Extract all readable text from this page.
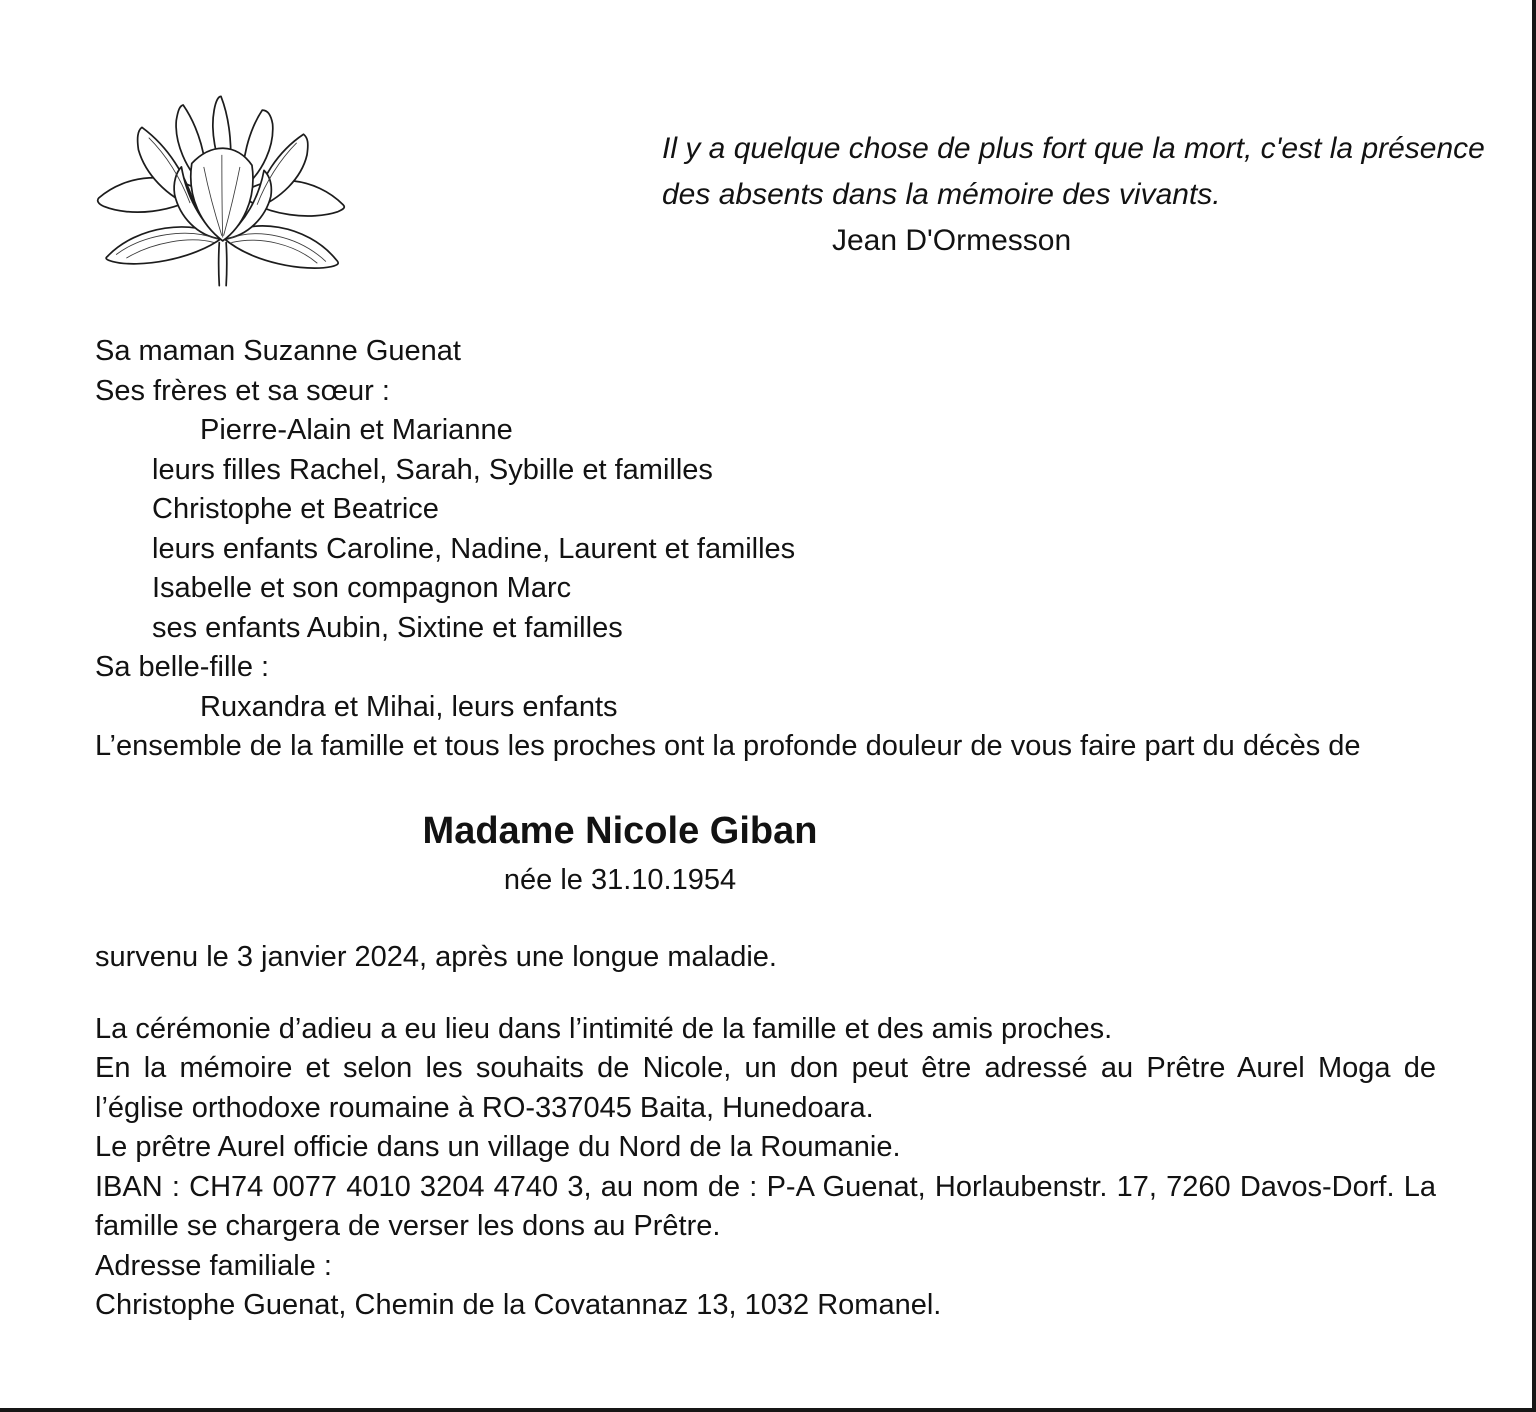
Il y a quelque chose de plus fort que la mort, c'est la présence
des absents dans la mémoire des vivants.
Jean D'Ormesson
Sa maman Suzanne Guenat
Ses frères et sa sœur :
Pierre-Alain et Marianne
leurs filles Rachel, Sarah, Sybille et familles
Christophe et Beatrice
leurs enfants Caroline, Nadine, Laurent et familles
Isabelle et son compagnon Marc
ses enfants Aubin, Sixtine et familles
Sa belle-fille :
Ruxandra et Mihai, leurs enfants
L’ensemble de la famille et tous les proches ont la profonde douleur de vous faire part du décès de
Madame Nicole Giban
née le 31.10.1954
survenu le 3 janvier 2024, après une longue maladie.
La cérémonie d’adieu a eu lieu dans l’intimité de la famille et des amis proches.
En la mémoire et selon les souhaits de Nicole, un don peut être adressé au Prêtre Aurel Moga de l’église orthodoxe roumaine à RO-337045 Baita, Hunedoara.
Le prêtre Aurel officie dans un village du Nord de la Roumanie.
IBAN : CH74 0077 4010 3204 4740 3, au nom de : P-A Guenat, Horlaubenstr. 17, 7260 Davos-Dorf. La famille se chargera de verser les dons au Prêtre.
Adresse familiale :
Christophe Guenat, Chemin de la Covatannaz 13, 1032 Romanel.
